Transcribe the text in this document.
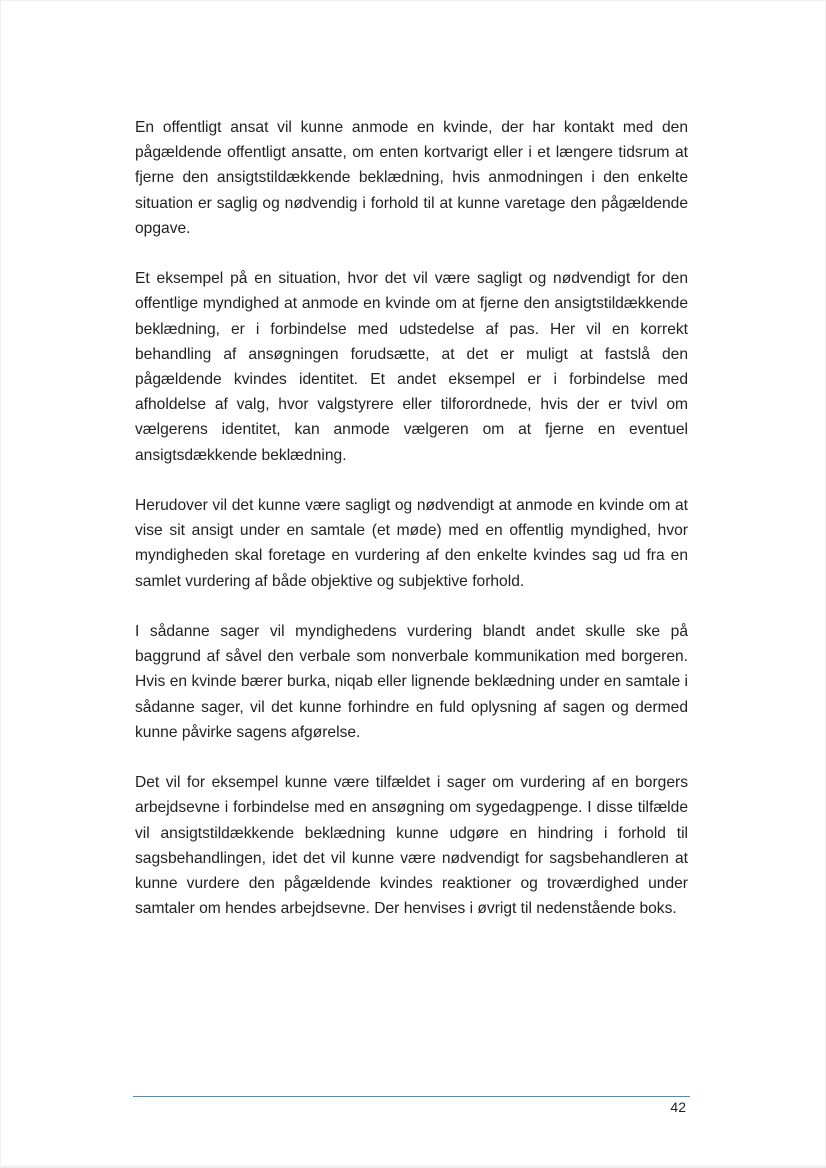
En offentligt ansat vil kunne anmode en kvinde, der har kontakt med den pågældende offentligt ansatte, om enten kortvarigt eller i et længere tidsrum at fjerne den ansigtstildækkende beklædning, hvis anmodningen i den enkelte situation er saglig og nødvendig i forhold til at kunne varetage den pågældende opgave.

Et eksempel på en situation, hvor det vil være sagligt og nødvendigt for den offentlige myndighed at anmode en kvinde om at fjerne den ansigtstildækkende beklædning, er i forbindelse med udstedelse af pas. Her vil en korrekt behandling af ansøgningen forudsætte, at det er muligt at fastslå den pågældende kvindes identitet. Et andet eksempel er i forbindelse med afholdelse af valg, hvor valgstyrere eller tilforordnede, hvis der er tvivl om vælgerens identitet, kan anmode vælgeren om at fjerne en eventuel ansigtsdækkende beklædning.

Herudover vil det kunne være sagligt og nødvendigt at anmode en kvinde om at vise sit ansigt under en samtale (et møde) med en offentlig myndighed, hvor myndigheden skal foretage en vurdering af den enkelte kvindes sag ud fra en samlet vurdering af både objektive og subjektive forhold.

I sådanne sager vil myndighedens vurdering blandt andet skulle ske på baggrund af såvel den verbale som nonverbale kommunikation med borgeren. Hvis en kvinde bærer burka, niqab eller lignende beklædning under en samtale i sådanne sager, vil det kunne forhindre en fuld oplysning af sagen og dermed kunne påvirke sagens afgørelse.

Det vil for eksempel kunne være tilfældet i sager om vurdering af en borgers arbejdsevne i forbindelse med en ansøgning om sygedagpenge. I disse tilfælde vil ansigtstildækkende beklædning kunne udgøre en hindring i forhold til sagsbehandlingen, idet det vil kunne være nødvendigt for sagsbehandleren at kunne vurdere den pågældende kvindes reaktioner og troværdighed under samtaler om hendes arbejdsevne. Der henvises i øvrigt til nedenstående boks.

42
